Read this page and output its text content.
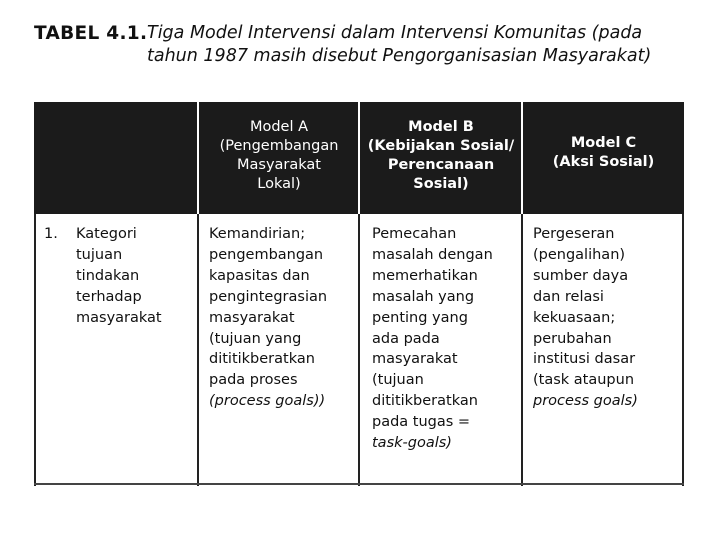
TABEL 4.1. Tiga Model Intervensi dalam Intervensi Komunitas (pada
tahun 1987 masih disebut Pengorganisasian Masyarakat)
Model A
(Pengembangan
Masyarakat
Lokal)
Model B
(Kebijakan Sosial/
Perencanaan
Sosial)
Model C
(Aksi Sosial)
1. Kategori
tujuan
tindakan
terhadap
masyarakat
Kemandirian;
pengembangan
kapasitas dan
pengintegrasian
masyarakat
(tujuan yang
dititikberatkan
pada proses
(process goals))
Pemecahan
masalah dengan
memerhatikan
masalah yang
penting yang
ada pada
masyarakat
(tujuan
dititikberatkan
pada tugas =
task-goals)
Pergeseran
(pengalihan)
sumber daya
dan relasi
kekuasaan;
perubahan
institusi dasar
(task ataupun
process goals)
